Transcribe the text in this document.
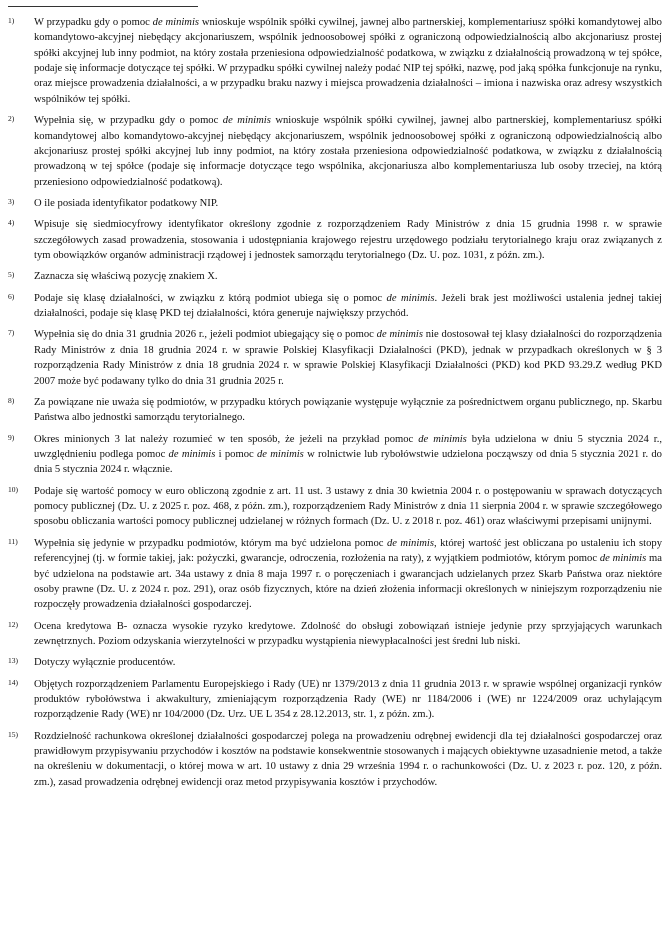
1)	W przypadku gdy o pomoc de minimis wnioskuje wspólnik spółki cywilnej, jawnej albo partnerskiej, komplementariusz spółki komandytowej albo komandytowo-akcyjnej niebędący akcjonariuszem, wspólnik jednoosobowej spółki z ograniczoną odpowiedzialnością albo akcjonariusz prostej spółki akcyjnej lub inny podmiot, na który została przeniesiona odpowiedzialność podatkowa, w związku z działalnością prowadzoną w tej spółce, podaje się informacje dotyczące tej spółki. W przypadku spółki cywilnej należy podać NIP tej spółki, nazwę, pod jaką spółka funkcjonuje na rynku, oraz miejsce prowadzenia działalności, a w przypadku braku nazwy i miejsca prowadzenia działalności – imiona i nazwiska oraz adresy wszystkich wspólników tej spółki.
2)	Wypełnia się, w przypadku gdy o pomoc de minimis wnioskuje wspólnik spółki cywilnej, jawnej albo partnerskiej, komplementariusz spółki komandytowej albo komandytowo-akcyjnej niebędący akcjonariuszem, wspólnik jednoosobowej spółki z ograniczoną odpowiedzialnością albo akcjonariusz prostej spółki akcyjnej lub inny podmiot, na który została przeniesiona odpowiedzialność podatkowa, w związku z działalnością prowadzoną w tej spółce (podaje się informacje dotyczące tego wspólnika, akcjonariusza albo komplementariusza lub osoby trzeciej, na którą przeniesiono odpowiedzialność podatkową).
3)	O ile posiada identyfikator podatkowy NIP.
4)	Wpisuje się siedmiocyfrowy identyfikator określony zgodnie z rozporządzeniem Rady Ministrów z dnia 15 grudnia 1998 r. w sprawie szczegółowych zasad prowadzenia, stosowania i udostępniania krajowego rejestru urzędowego podziału terytorialnego kraju oraz związanych z tym obowiązków organów administracji rządowej i jednostek samorządu terytorialnego (Dz. U. poz. 1031, z późn. zm.).
5)	Zaznacza się właściwą pozycję znakiem X.
6)	Podaje się klasę działalności, w związku z którą podmiot ubiega się o pomoc de minimis. Jeżeli brak jest możliwości ustalenia jednej takiej działalności, podaje się klasę PKD tej działalności, która generuje największy przychód.
7)	Wypełnia się do dnia 31 grudnia 2026 r., jeżeli podmiot ubiegający się o pomoc de minimis nie dostosował tej klasy działalności do rozporządzenia Rady Ministrów z dnia 18 grudnia 2024 r. w sprawie Polskiej Klasyfikacji Działalności (PKD), jednak w przypadkach określonych w § 3 rozporządzenia Rady Ministrów z dnia 18 grudnia 2024 r. w sprawie Polskiej Klasyfikacji Działalności (PKD) kod PKD 93.29.Z według PKD 2007 może być podawany tylko do dnia 31 grudnia 2025 r.
8)	Za powiązane nie uważa się podmiotów, w przypadku których powiązanie występuje wyłącznie za pośrednictwem organu publicznego, np. Skarbu Państwa albo jednostki samorządu terytorialnego.
9)	Okres minionych 3 lat należy rozumieć w ten sposób, że jeżeli na przykład pomoc de minimis była udzielona w dniu 5 stycznia 2024 r., uwzględnieniu podlega pomoc de minimis i pomoc de minimis w rolnictwie lub rybołówstwie udzielona począwszy od dnia 5 stycznia 2021 r. do dnia 5 stycznia 2024 r. włącznie.
10)	Podaje się wartość pomocy w euro obliczoną zgodnie z art. 11 ust. 3 ustawy z dnia 30 kwietnia 2004 r. o postępowaniu w sprawach dotyczących pomocy publicznej (Dz. U. z 2025 r. poz. 468, z późn. zm.), rozporządzeniem Rady Ministrów z dnia 11 sierpnia 2004 r. w sprawie szczegółowego sposobu obliczania wartości pomocy publicznej udzielanej w różnych formach (Dz. U. z 2018 r. poz. 461) oraz właściwymi przepisami unijnymi.
11)	Wypełnia się jedynie w przypadku podmiotów, którym ma być udzielona pomoc de minimis, której wartość jest obliczana po ustaleniu ich stopy referencyjnej (tj. w formie takiej, jak: pożyczki, gwarancje, odroczenia, rozłożenia na raty), z wyjątkiem podmiotów, którym pomoc de minimis ma być udzielona na podstawie art. 34a ustawy z dnia 8 maja 1997 r. o poręczeniach i gwarancjach udzielanych przez Skarb Państwa oraz niektóre osoby prawne (Dz. U. z 2024 r. poz. 291), oraz osób fizycznych, które na dzień złożenia informacji określonych w niniejszym rozporządzeniu nie rozpoczęły prowadzenia działalności gospodarczej.
12)	Ocena kredytowa B- oznacza wysokie ryzyko kredytowe. Zdolność do obsługi zobowiązań istnieje jedynie przy sprzyjających warunkach zewnętrznych. Poziom odzyskania wierzytelności w przypadku wystąpienia niewypłacalności jest średni lub niski.
13)	Dotyczy wyłącznie producentów.
14)	Objętych rozporządzeniem Parlamentu Europejskiego i Rady (UE) nr 1379/2013 z dnia 11 grudnia 2013 r. w sprawie wspólnej organizacji rynków produktów rybołówstwa i akwakultury, zmieniającym rozporządzenia Rady (WE) nr 1184/2006 i (WE) nr 1224/2009 oraz uchylającym rozporządzenie Rady (WE) nr 104/2000 (Dz. Urz. UE L 354 z 28.12.2013, str. 1, z późn. zm.).
15)	Rozdzielność rachunkowa określonej działalności gospodarczej polega na prowadzeniu odrębnej ewidencji dla tej działalności gospodarczej oraz prawidłowym przypisywaniu przychodów i kosztów na podstawie konsekwentnie stosowanych i mających obiektywne uzasadnienie metod, a także na określeniu w dokumentacji, o której mowa w art. 10 ustawy z dnia 29 września 1994 r. o rachunkowości (Dz. U. z 2023 r. poz. 120, z późn. zm.), zasad prowadzenia odrębnej ewidencji oraz metod przypisywania kosztów i przychodów.
